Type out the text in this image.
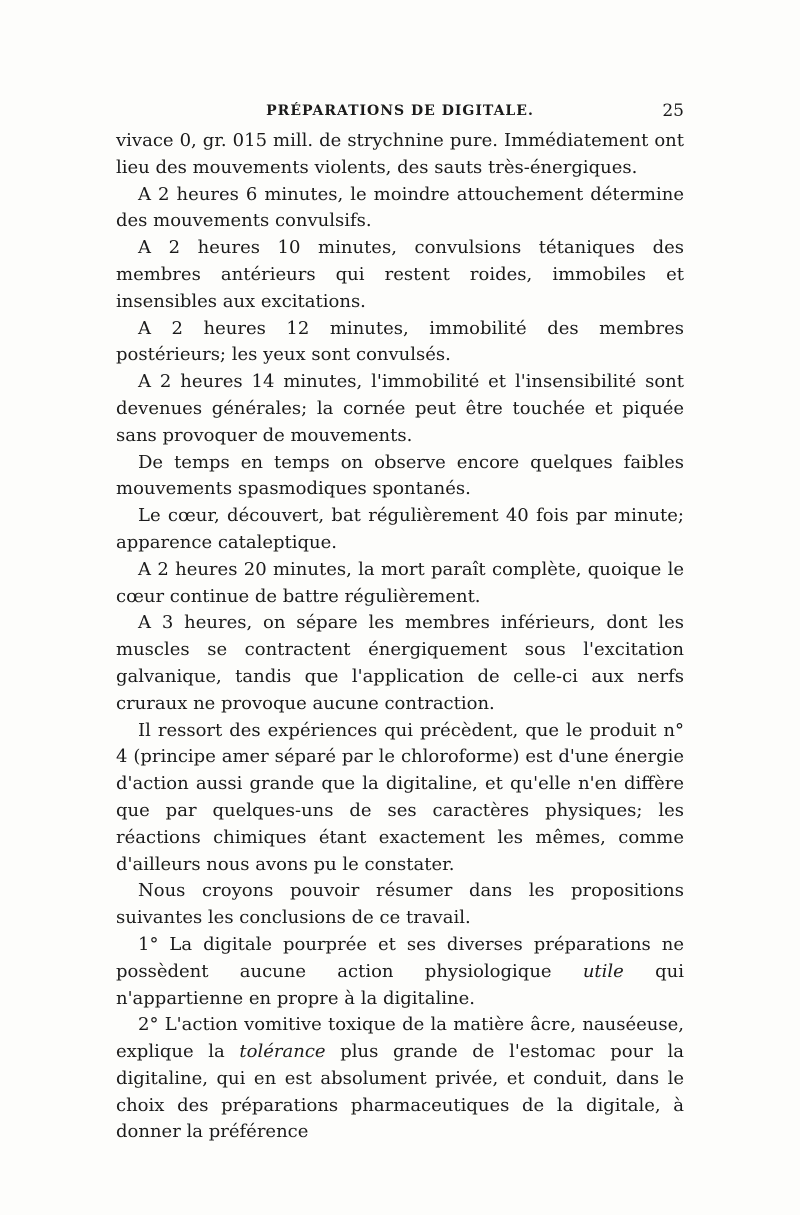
PRÉPARATIONS DE DIGITALE.	25

vivace 0, gr. 015 mill. de strychnine pure. Immédiatement ont lieu des mouvements violents, des sauts très-énergiques.

A 2 heures 6 minutes, le moindre attouchement détermine des mouvements convulsifs.

A 2 heures 10 minutes, convulsions tétaniques des membres antérieurs qui restent roides, immobiles et insensibles aux excitations.

A 2 heures 12 minutes, immobilité des membres postérieurs; les yeux sont convulsés.

A 2 heures 14 minutes, l'immobilité et l'insensibilité sont devenues générales; la cornée peut être touchée et piquée sans provoquer de mouvements.

De temps en temps on observe encore quelques faibles mouvements spasmodiques spontanés.

Le cœur, découvert, bat régulièrement 40 fois par minute; apparence cataleptique.

A 2 heures 20 minutes, la mort paraît complète, quoique le cœur continue de battre régulièrement.

A 3 heures, on sépare les membres inférieurs, dont les muscles se contractent énergiquement sous l'excitation galvanique, tandis que l'application de celle-ci aux nerfs cruraux ne provoque aucune contraction.

Il ressort des expériences qui précèdent, que le produit n° 4 (principe amer séparé par le chloroforme) est d'une énergie d'action aussi grande que la digitaline, et qu'elle n'en diffère que par quelques-uns de ses caractères physiques; les réactions chimiques étant exactement les mêmes, comme d'ailleurs nous avons pu le constater.

Nous croyons pouvoir résumer dans les propositions suivantes les conclusions de ce travail.

1° La digitale pourprée et ses diverses préparations ne possèdent aucune action physiologique utile qui n'appartienne en propre à la digitaline.

2° L'action vomitive toxique de la matière âcre, nauséeuse, explique la tolérance plus grande de l'estomac pour la digitaline, qui en est absolument privée, et conduit, dans le choix des préparations pharmaceutiques de la digitale, à donner la préférence
